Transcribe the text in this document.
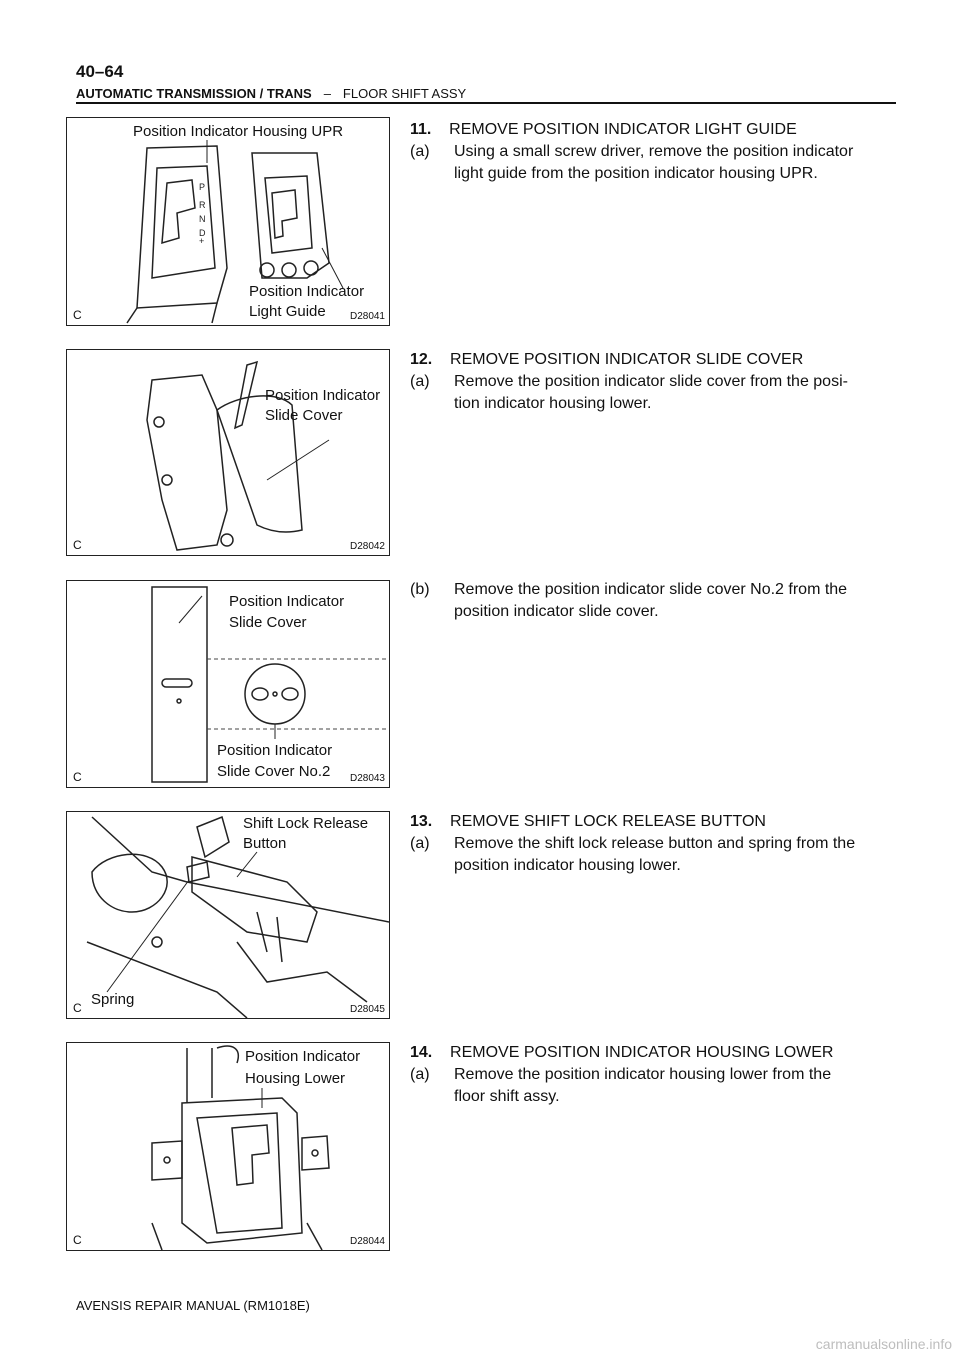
40–64
AUTOMATIC TRANSMISSION / TRANS – FLOOR SHIFT ASSY
P
R
N
D
+
Position Indicator Housing UPR
Position Indicator
Light Guide
C	D28041
Position Indicator
Slide Cover
C	D28042
Position Indicator
Slide Cover
Position Indicator
Slide Cover No.2
C	D28043
Shift Lock Release
Button
Spring
C	D28045
Position Indicator
Housing Lower
C	D28044
11. REMOVE POSITION INDICATOR LIGHT GUIDE
(a) Using a small screw driver, remove the position indicator
light guide from the position indicator housing UPR.
12. REMOVE POSITION INDICATOR SLIDE COVER
(a) Remove the position indicator slide cover from the posi-
tion indicator housing lower.
(b) Remove the position indicator slide cover No.2 from the
position indicator slide cover.
13. REMOVE SHIFT LOCK RELEASE BUTTON
(a) Remove the shift lock release button and spring from the
position indicator housing lower.
14. REMOVE POSITION INDICATOR HOUSING LOWER
(a) Remove the position indicator housing lower from the
floor shift assy.
AVENSIS REPAIR MANUAL (RM1018E)
carmanualsonline.info
